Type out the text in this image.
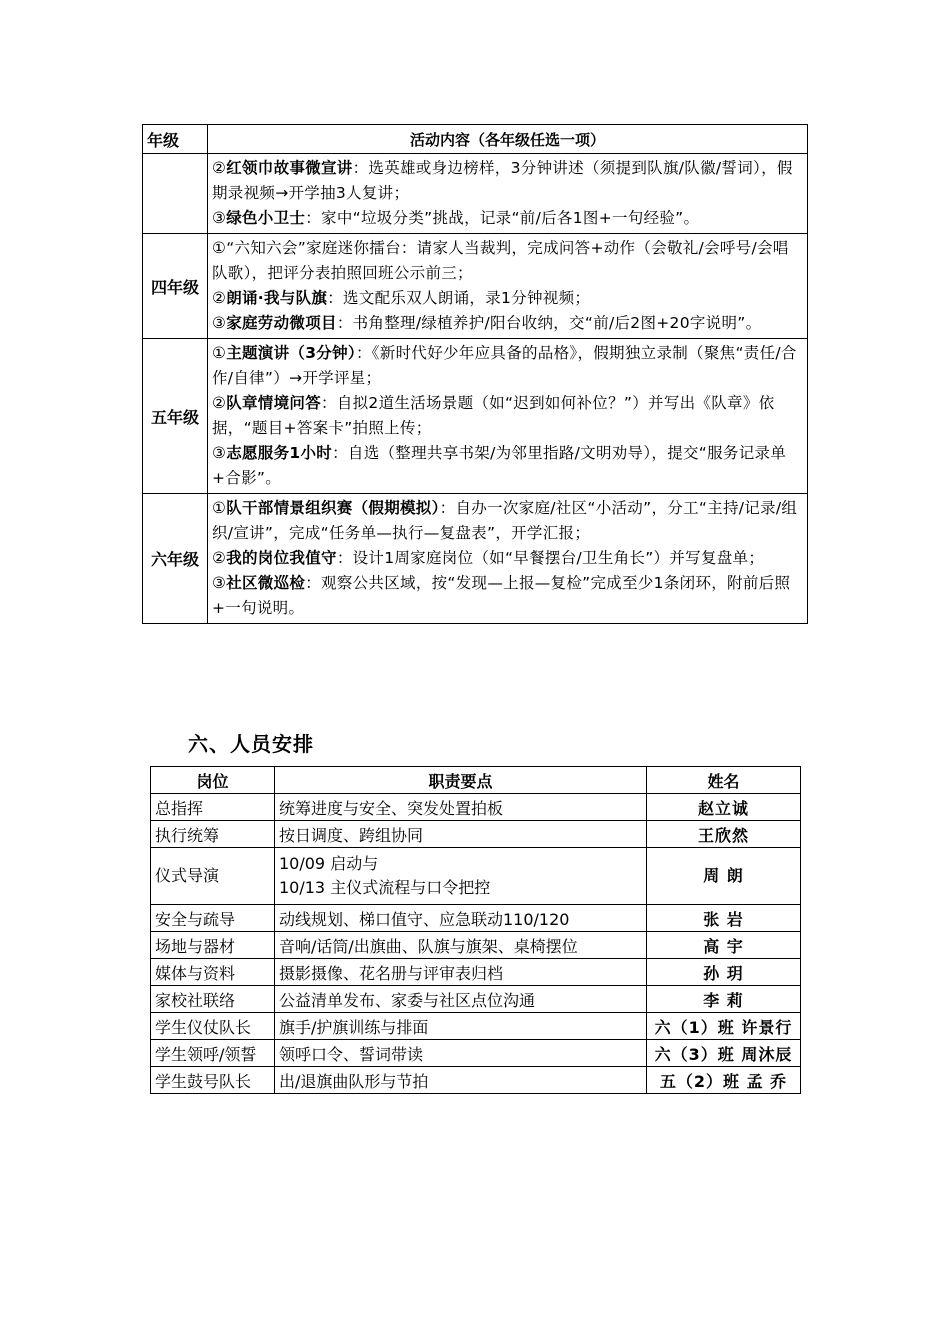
年级	活动内容（各年级任选一项）

	②红领巾故事微宣讲：选英雄或身边榜样，3分钟讲述（须提到队旗/队徽/誓词），假期录视频→开学抽3人复讲；
③绿色小卫士：家中“垃圾分类”挑战，记录“前/后各1图+一句经验”。

四年级	①“六知六会”家庭迷你擂台：请家人当裁判，完成问答+动作（会敬礼/会呼号/会唱队歌），把评分表拍照回班公示前三；
②朗诵·我与队旗：选文配乐双人朗诵，录1分钟视频；
③家庭劳动微项目：书角整理/绿植养护/阳台收纳，交“前/后2图+20字说明”。

五年级	①主题演讲（3分钟）：《新时代好少年应具备的品格》，假期独立录制（聚焦“责任/合作/自律”）→开学评星；
②队章情境问答：自拟2道生活场景题（如“迟到如何补位？”）并写出《队章》依据，“题目+答案卡”拍照上传；
③志愿服务1小时：自选（整理共享书架/为邻里指路/文明劝导），提交“服务记录单+合影”。

六年级	①队干部情景组织赛（假期模拟）：自办一次家庭/社区“小活动”，分工“主持/记录/组织/宣讲”，完成“任务单—执行—复盘表”，开学汇报；
②我的岗位我值守：设计1周家庭岗位（如“早餐摆台/卫生角长”）并写复盘单；
③社区微巡检：观察公共区域，按“发现—上报—复检”完成至少1条闭环，附前后照+一句说明。
六、人员安排
岗位	职责要点	姓名
总指挥	统筹进度与安全、突发处置拍板	赵立诚
执行统筹	按日调度、跨组协同	王欣然
仪式导演	10/09 启动与
10/13 主仪式流程与口令把控	周 朗
安全与疏导	动线规划、梯口值守、应急联动110/120	张 岩
场地与器材	音响/话筒/出旗曲、队旗与旗架、桌椅摆位	高 宇
媒体与资料	摄影摄像、花名册与评审表归档	孙 玥
家校社联络	公益清单发布、家委与社区点位沟通	李 莉
学生仪仗队长	旗手/护旗训练与排面	六（1）班 许景行
学生领呼/领誓	领呼口令、誓词带读	六（3）班 周沐辰
学生鼓号队长	出/退旗曲队形与节拍	五（2）班 孟 乔
